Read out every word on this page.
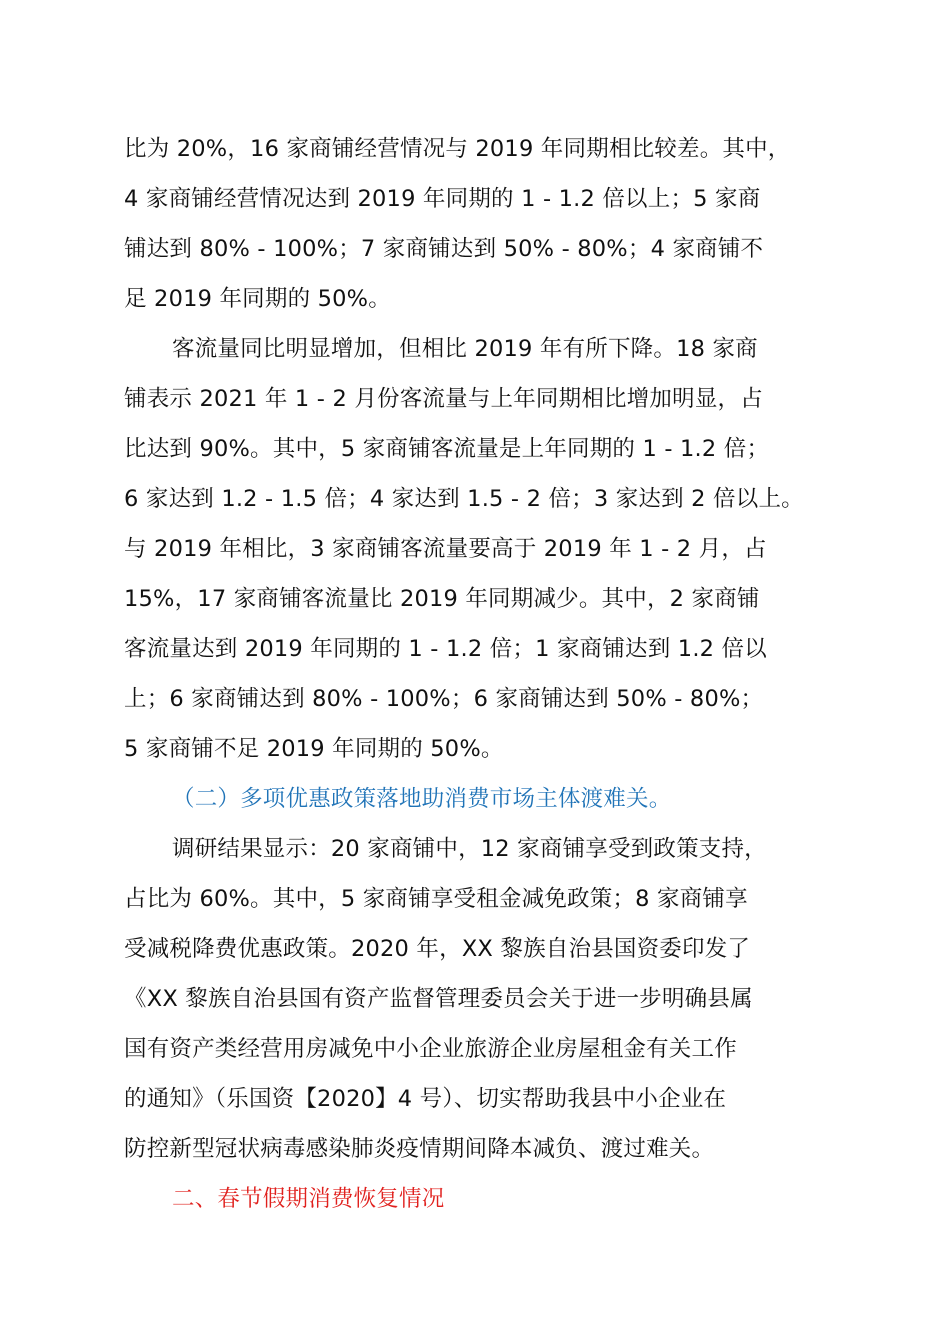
比为 20%，16 家商铺经营情况与 2019 年同期相比较差。其中，
4 家商铺经营情况达到 2019 年同期的 1 - 1.2 倍以上；5 家商
铺达到 80% - 100%；7 家商铺达到 50% - 80%；4 家商铺不
足 2019 年同期的 50%。
客流量同比明显增加，但相比 2019 年有所下降。18 家商
铺表示 2021 年 1 - 2 月份客流量与上年同期相比增加明显，占
比达到 90%。其中，5 家商铺客流量是上年同期的 1 - 1.2 倍；
6 家达到 1.2 - 1.5 倍；4 家达到 1.5 - 2 倍；3 家达到 2 倍以上。
与 2019 年相比，3 家商铺客流量要高于 2019 年 1 - 2 月，占
15%，17 家商铺客流量比 2019 年同期减少。其中，2 家商铺
客流量达到 2019 年同期的 1 - 1.2 倍；1 家商铺达到 1.2 倍以
上；6 家商铺达到 80% - 100%；6 家商铺达到 50% - 80%；
5 家商铺不足 2019 年同期的 50%。
（二）多项优惠政策落地助消费市场主体渡难关。
调研结果显示：20 家商铺中，12 家商铺享受到政策支持，
占比为 60%。其中，5 家商铺享受租金减免政策；8 家商铺享
受减税降费优惠政策。2020 年，XX 黎族自治县国资委印发了
《XX 黎族自治县国有资产监督管理委员会关于进一步明确县属
国有资产类经营用房减免中小企业旅游企业房屋租金有关工作
的通知》（乐国资【2020】4 号）、切实帮助我县中小企业在
防控新型冠状病毒感染肺炎疫情期间降本减负、渡过难关。
二、春节假期消费恢复情况
